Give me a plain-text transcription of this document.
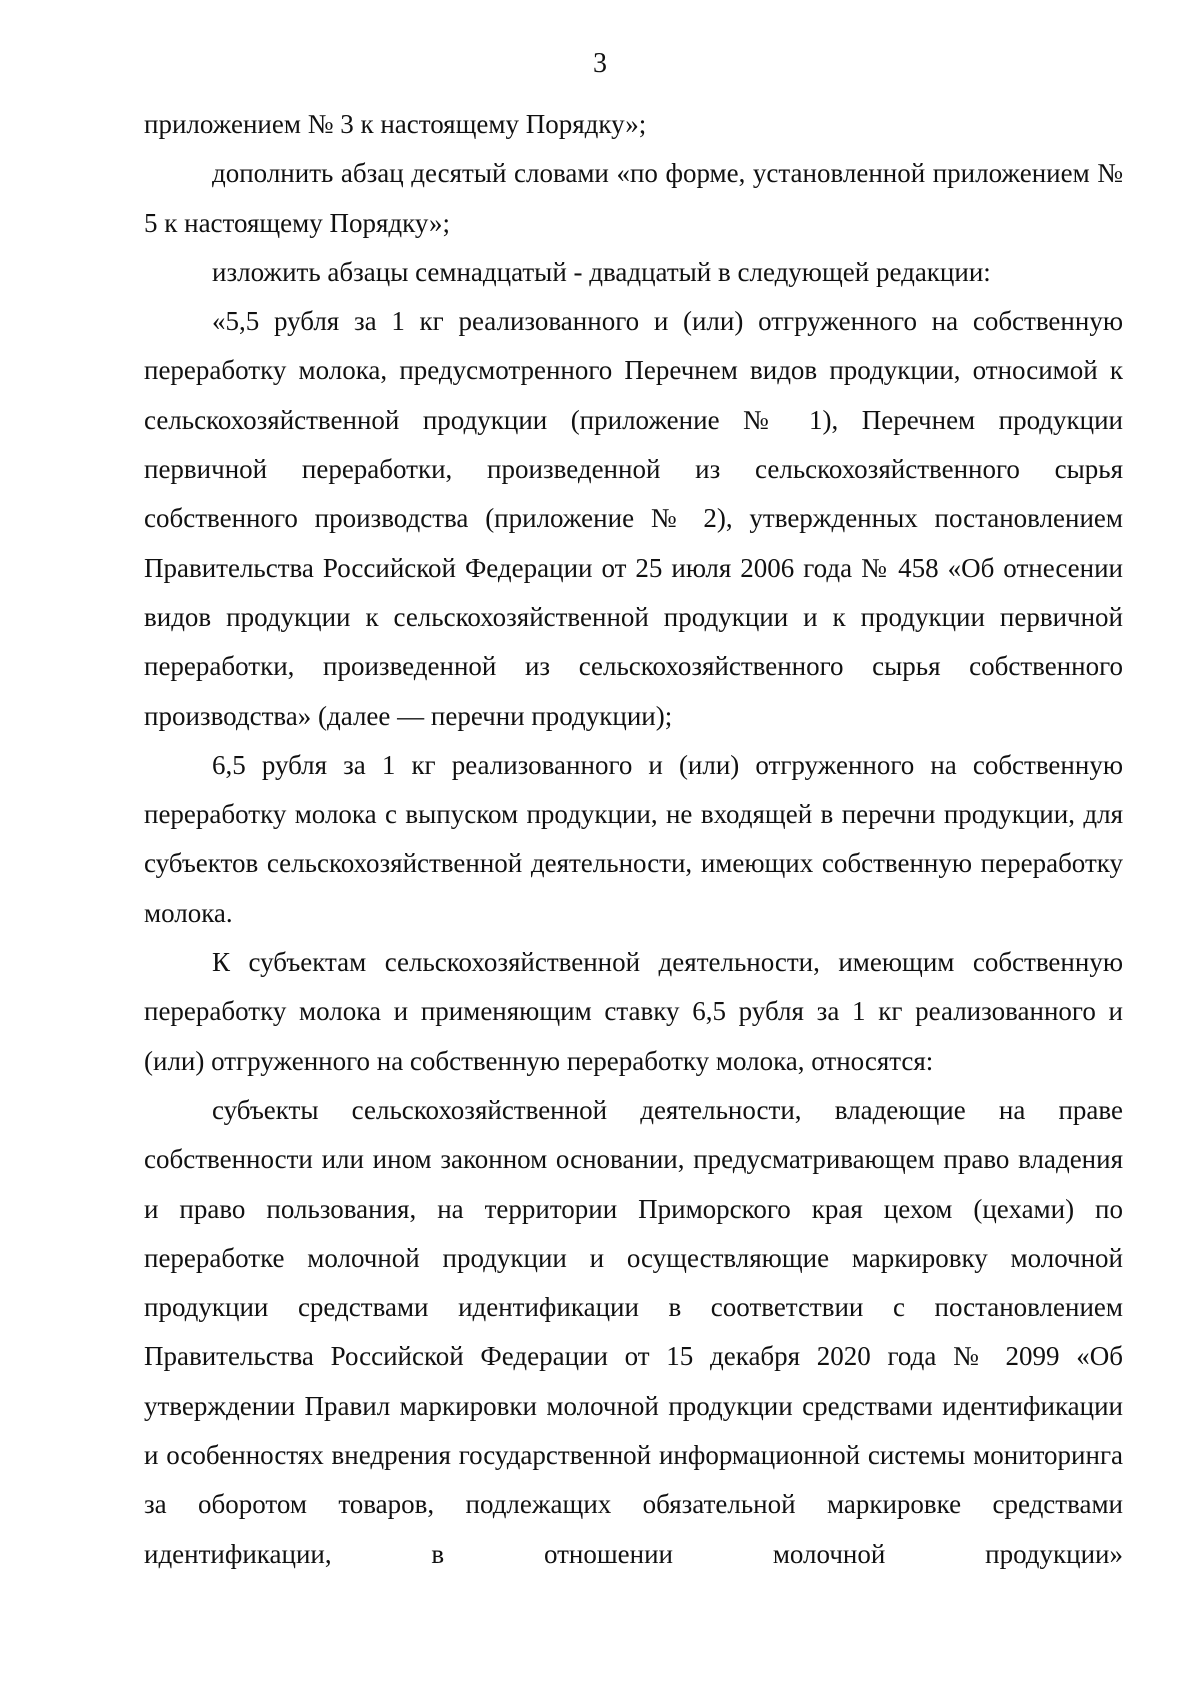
3

приложением № 3 к настоящему Порядку»;

дополнить абзац десятый словами «по форме, установленной приложением № 5 к настоящему Порядку»;

изложить абзацы семнадцатый - двадцатый в следующей редакции:

«5,5 рубля за 1 кг реализованного и (или) отгруженного на собственную переработку молока, предусмотренного Перечнем видов продукции, относимой к сельскохозяйственной продукции (приложение № 1), Перечнем продукции первичной переработки, произведенной из сельскохозяйственного сырья собственного производства (приложение № 2), утвержденных постановлением Правительства Российской Федерации от 25 июля 2006 года № 458 «Об отнесении видов продукции к сельскохозяйственной продукции и к продукции первичной переработки, произведенной из сельскохозяйственного сырья собственного производства» (далее — перечни продукции);

6,5 рубля за 1 кг реализованного и (или) отгруженного на собственную переработку молока с выпуском продукции, не входящей в перечни продукции, для субъектов сельскохозяйственной деятельности, имеющих собственную переработку молока.

К субъектам сельскохозяйственной деятельности, имеющим собственную переработку молока и применяющим ставку 6,5 рубля за 1 кг реализованного и (или) отгруженного на собственную переработку молока, относятся:

субъекты сельскохозяйственной деятельности, владеющие на праве собственности или ином законном основании, предусматривающем право владения и право пользования, на территории Приморского края цехом (цехами) по переработке молочной продукции и осуществляющие маркировку молочной продукции средствами идентификации в соответствии с постановлением Правительства Российской Федерации от 15 декабря 2020 года № 2099 «Об утверждении Правил маркировки молочной продукции средствами идентификации и особенностях внедрения государственной информационной системы мониторинга за оборотом товаров, подлежащих обязательной маркировке средствами идентификации, в отношении молочной продукции»
